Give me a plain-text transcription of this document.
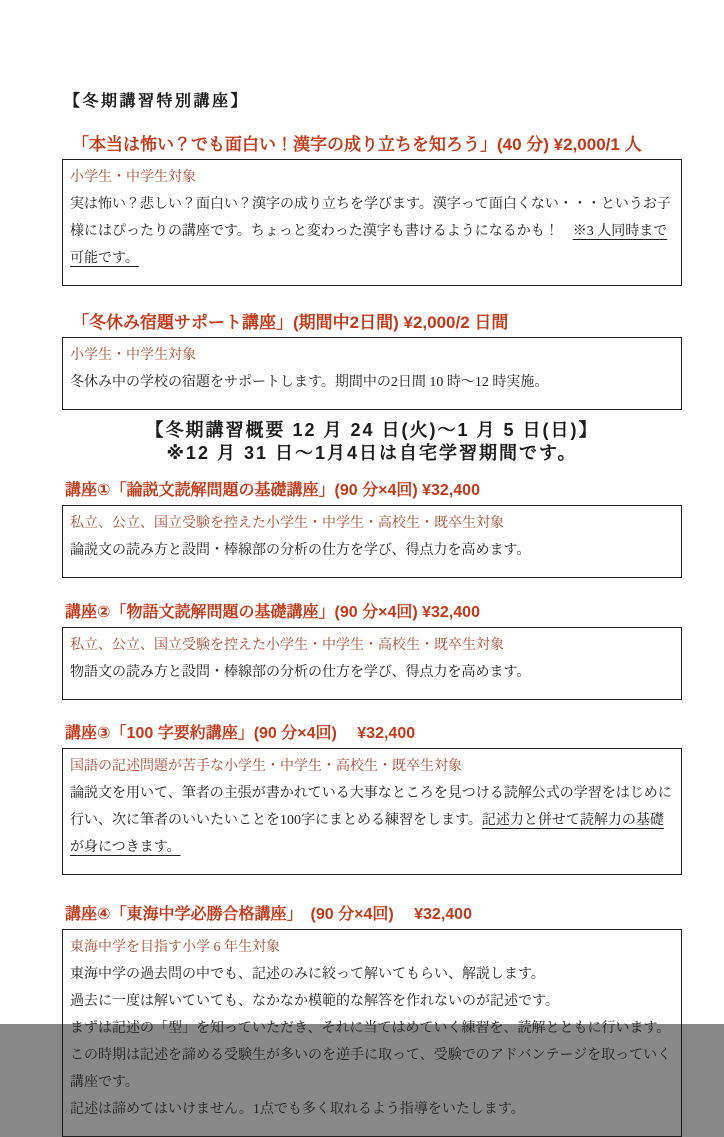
【冬期講習特別講座】
「本当は怖い？でも面白い！漢字の成り立ちを知ろう」(40 分) ¥2,000/1 人

小学生・中学生対象

実は怖い？悲しい？面白い？漢字の成り立ちを学びます。漢字って面白くない・・・というお子様にはぴったりの講座です。ちょっと変わった漢字も書けるようになるかも！　※3 人同時まで可能です。

「冬休み宿題サポート講座」(期間中2日間) ¥2,000/2 日間

小学生・中学生対象

冬休み中の学校の宿題をサポートします。期間中の2日間 10 時〜12 時実施。

【冬期講習概要 12 月 24 日(火)〜1 月 5 日(日)】
※12 月 31 日〜1月4日は自宅学習期間です。
講座①「論説文読解問題の基礎講座」(90 分×4回) ¥32,400

私立、公立、国立受験を控えた小学生・中学生・高校生・既卒生対象

論説文の読み方と設問・棒線部の分析の仕方を学び、得点力を高めます。

講座②「物語文読解問題の基礎講座」(90 分×4回) ¥32,400

私立、公立、国立受験を控えた小学生・中学生・高校生・既卒生対象

物語文の読み方と設問・棒線部の分析の仕方を学び、得点力を高めます。

講座③「100 字要約講座」(90 分×4回)　 ¥32,400

国語の記述問題が苦手な小学生・中学生・高校生・既卒生対象

論説文を用いて、筆者の主張が書かれている大事なところを見つける読解公式の学習をはじめに行い、次に筆者のいいたいことを100字にまとめる練習をします。記述力と併せて読解力の基礎が身につきます。

講座④「東海中学必勝合格講座」　(90 分×4回)　 ¥32,400

東海中学を目指す小学 6 年生対象

東海中学の過去問の中でも、記述のみに絞って解いてもらい、解説します。

過去に一度は解いていても、なかなか模範的な解答を作れないのが記述です。

まずは記述の「型」を知っていただき、それに当てはめていく練習を、読解とともに行います。

この時期は記述を諦める受験生が多いのを逆手に取って、受験でのアドバンテージを取っていく講座です。

記述は諦めてはいけません。1点でも多く取れるよう指導をいたします。
